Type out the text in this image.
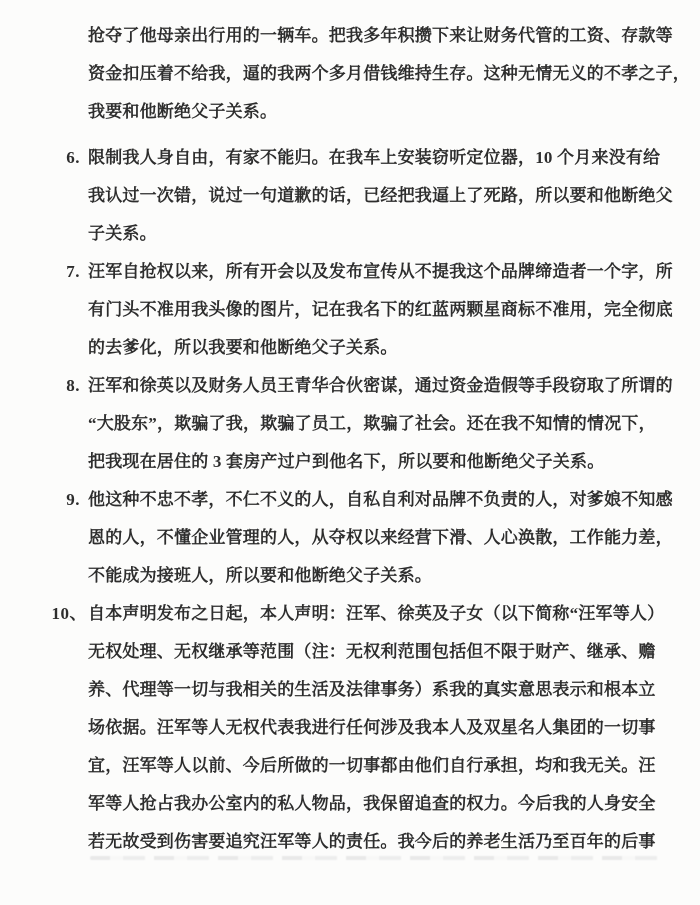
抢夺了他母亲出行用的一辆车。把我多年积攒下来让财务代管的工资、存款等
资金扣压着不给我，逼的我两个多月借钱维持生存。这种无情无义的不孝之子，
我要和他断绝父子关系。
6. 限制我人身自由，有家不能归。在我车上安装窃听定位器，10 个月来没有给
我认过一次错，说过一句道歉的话，已经把我逼上了死路，所以要和他断绝父
子关系。
7. 汪军自抢权以来，所有开会以及发布宣传从不提我这个品牌缔造者一个字，所
有门头不准用我头像的图片，记在我名下的红蓝两颗星商标不准用，完全彻底
的去爹化，所以我要和他断绝父子关系。
8. 汪军和徐英以及财务人员王青华合伙密谋，通过资金造假等手段窃取了所谓的
“大股东”，欺骗了我，欺骗了员工，欺骗了社会。还在我不知情的情况下，
把我现在居住的 3 套房产过户到他名下，所以要和他断绝父子关系。
9. 他这种不忠不孝，不仁不义的人，自私自利对品牌不负责的人，对爹娘不知感
恩的人，不懂企业管理的人，从夺权以来经营下滑、人心涣散，工作能力差，
不能成为接班人，所以要和他断绝父子关系。
10、 自本声明发布之日起，本人声明：汪军、徐英及子女（以下简称“汪军等人）
无权处理、无权继承等范围（注：无权利范围包括但不限于财产、继承、赡
养、代理等一切与我相关的生活及法律事务）系我的真实意思表示和根本立
场依据。汪军等人无权代表我进行任何涉及我本人及双星名人集团的一切事
宜，汪军等人以前、今后所做的一切事都由他们自行承担，均和我无关。汪
军等人抢占我办公室内的私人物品，我保留追查的权力。今后我的人身安全
若无故受到伤害要追究汪军等人的责任。我今后的养老生活乃至百年的后事
